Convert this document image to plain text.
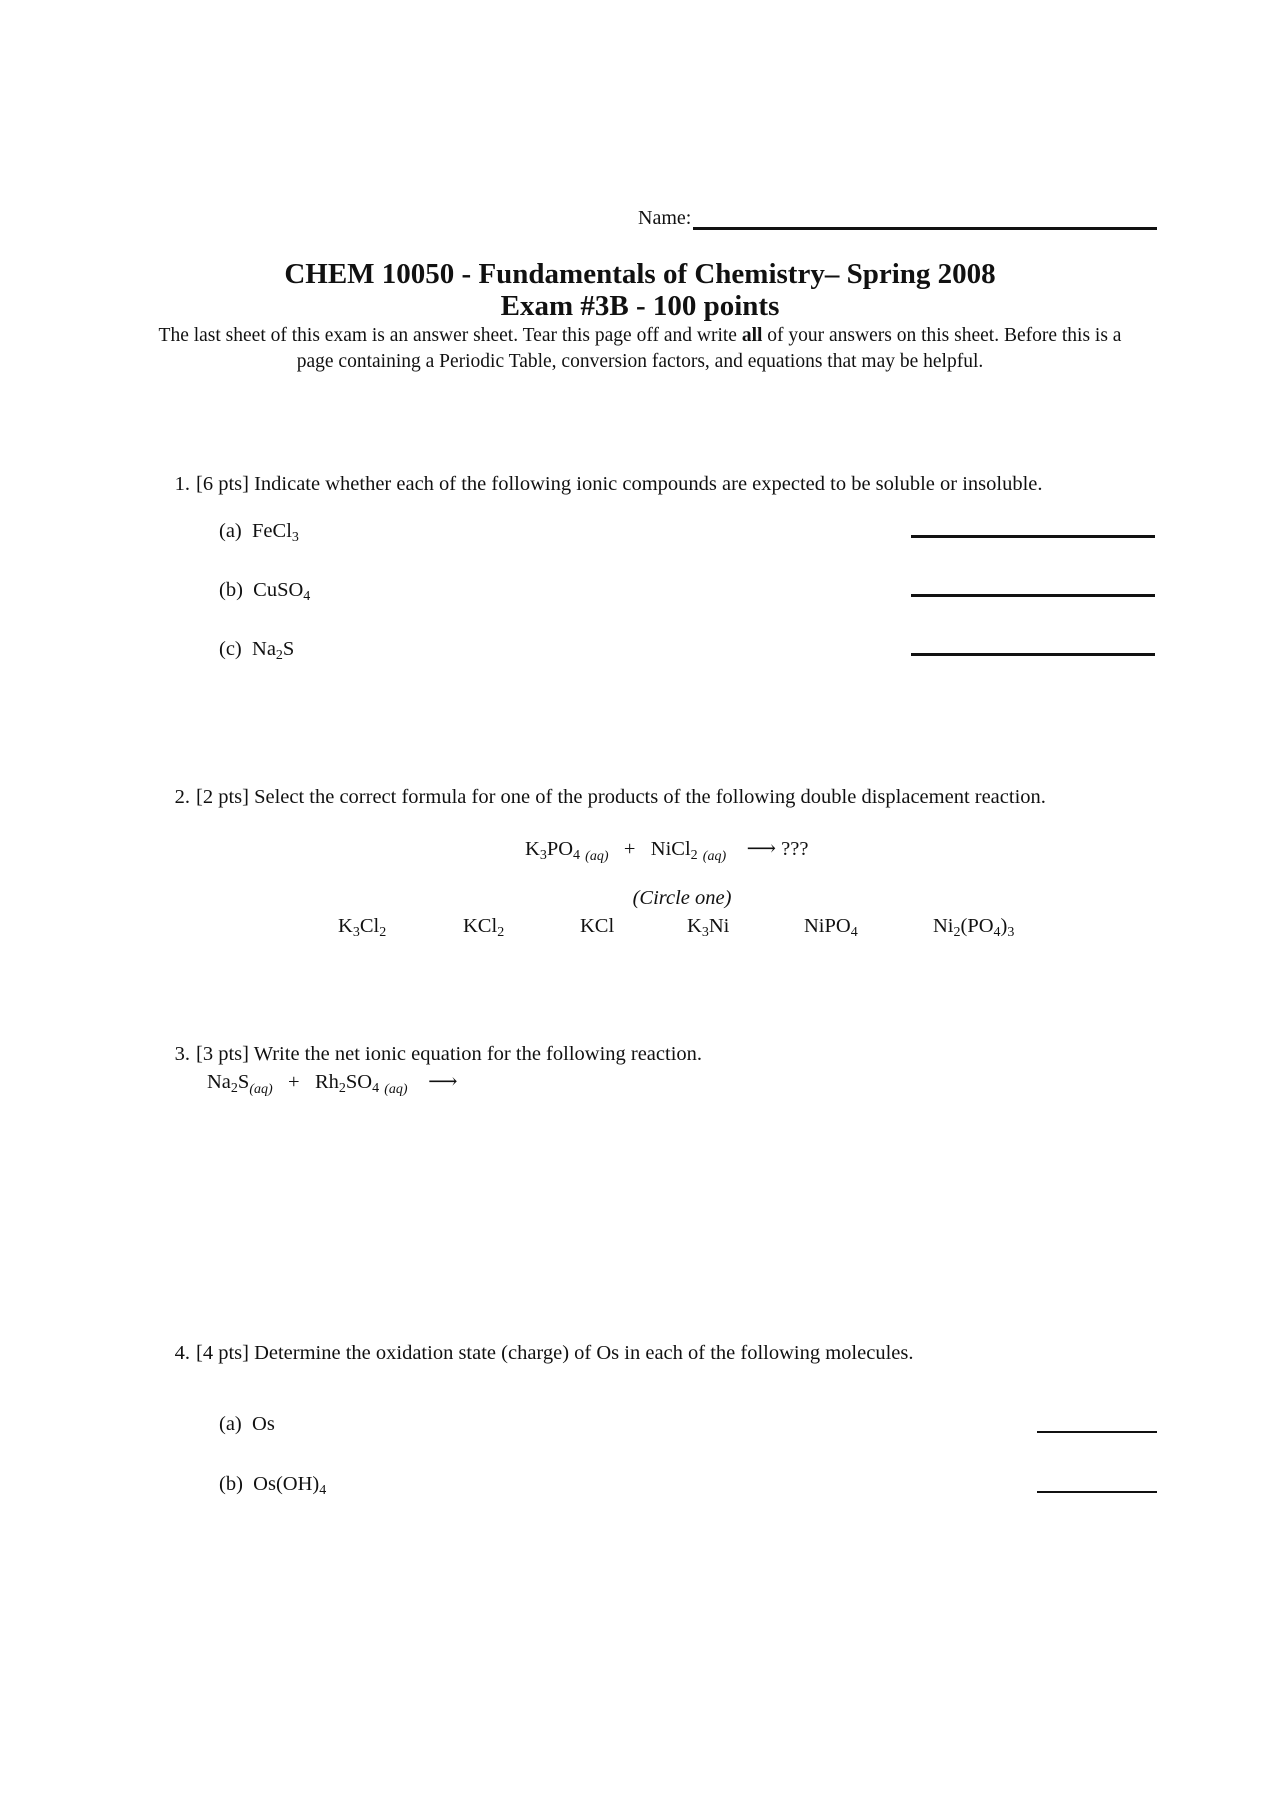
Name:
CHEM 10050 - Fundamentals of Chemistry– Spring 2008
Exam #3B - 100 points
The last sheet of this exam is an answer sheet. Tear this page off and write all of your answers on this sheet. Before this is a page containing a Periodic Table, conversion factors, and equations that may be helpful.
1. [6 pts] Indicate whether each of the following ionic compounds are expected to be soluble or insoluble.
(a)  FeCl$_3$
(b)  CuSO$_4$
(c)  $Na_2S$
2. [2 pts] Select the correct formula for one of the products of the following double displacement reaction.
$K_3PO_4$ $_{(aq)}$ +   NiCl$_2$ $_{(aq)}$ ⟶ ???
(Circle one)
$K_3Cl_2$	KCl$_2$	KCl	$K_3Ni$	NiPO$_4$	$Ni_2(PO_4)_3$
3. [3 pts] Write the net ionic equation for the following reaction.
$Na_2S_{(aq)} + Rh_2SO_4$ $_{(aq)}$ ⟶
4. [4 pts] Determine the oxidation state (charge) of Os in each of the following molecules.
(a) Os
(b)  $Os(OH)_4$
